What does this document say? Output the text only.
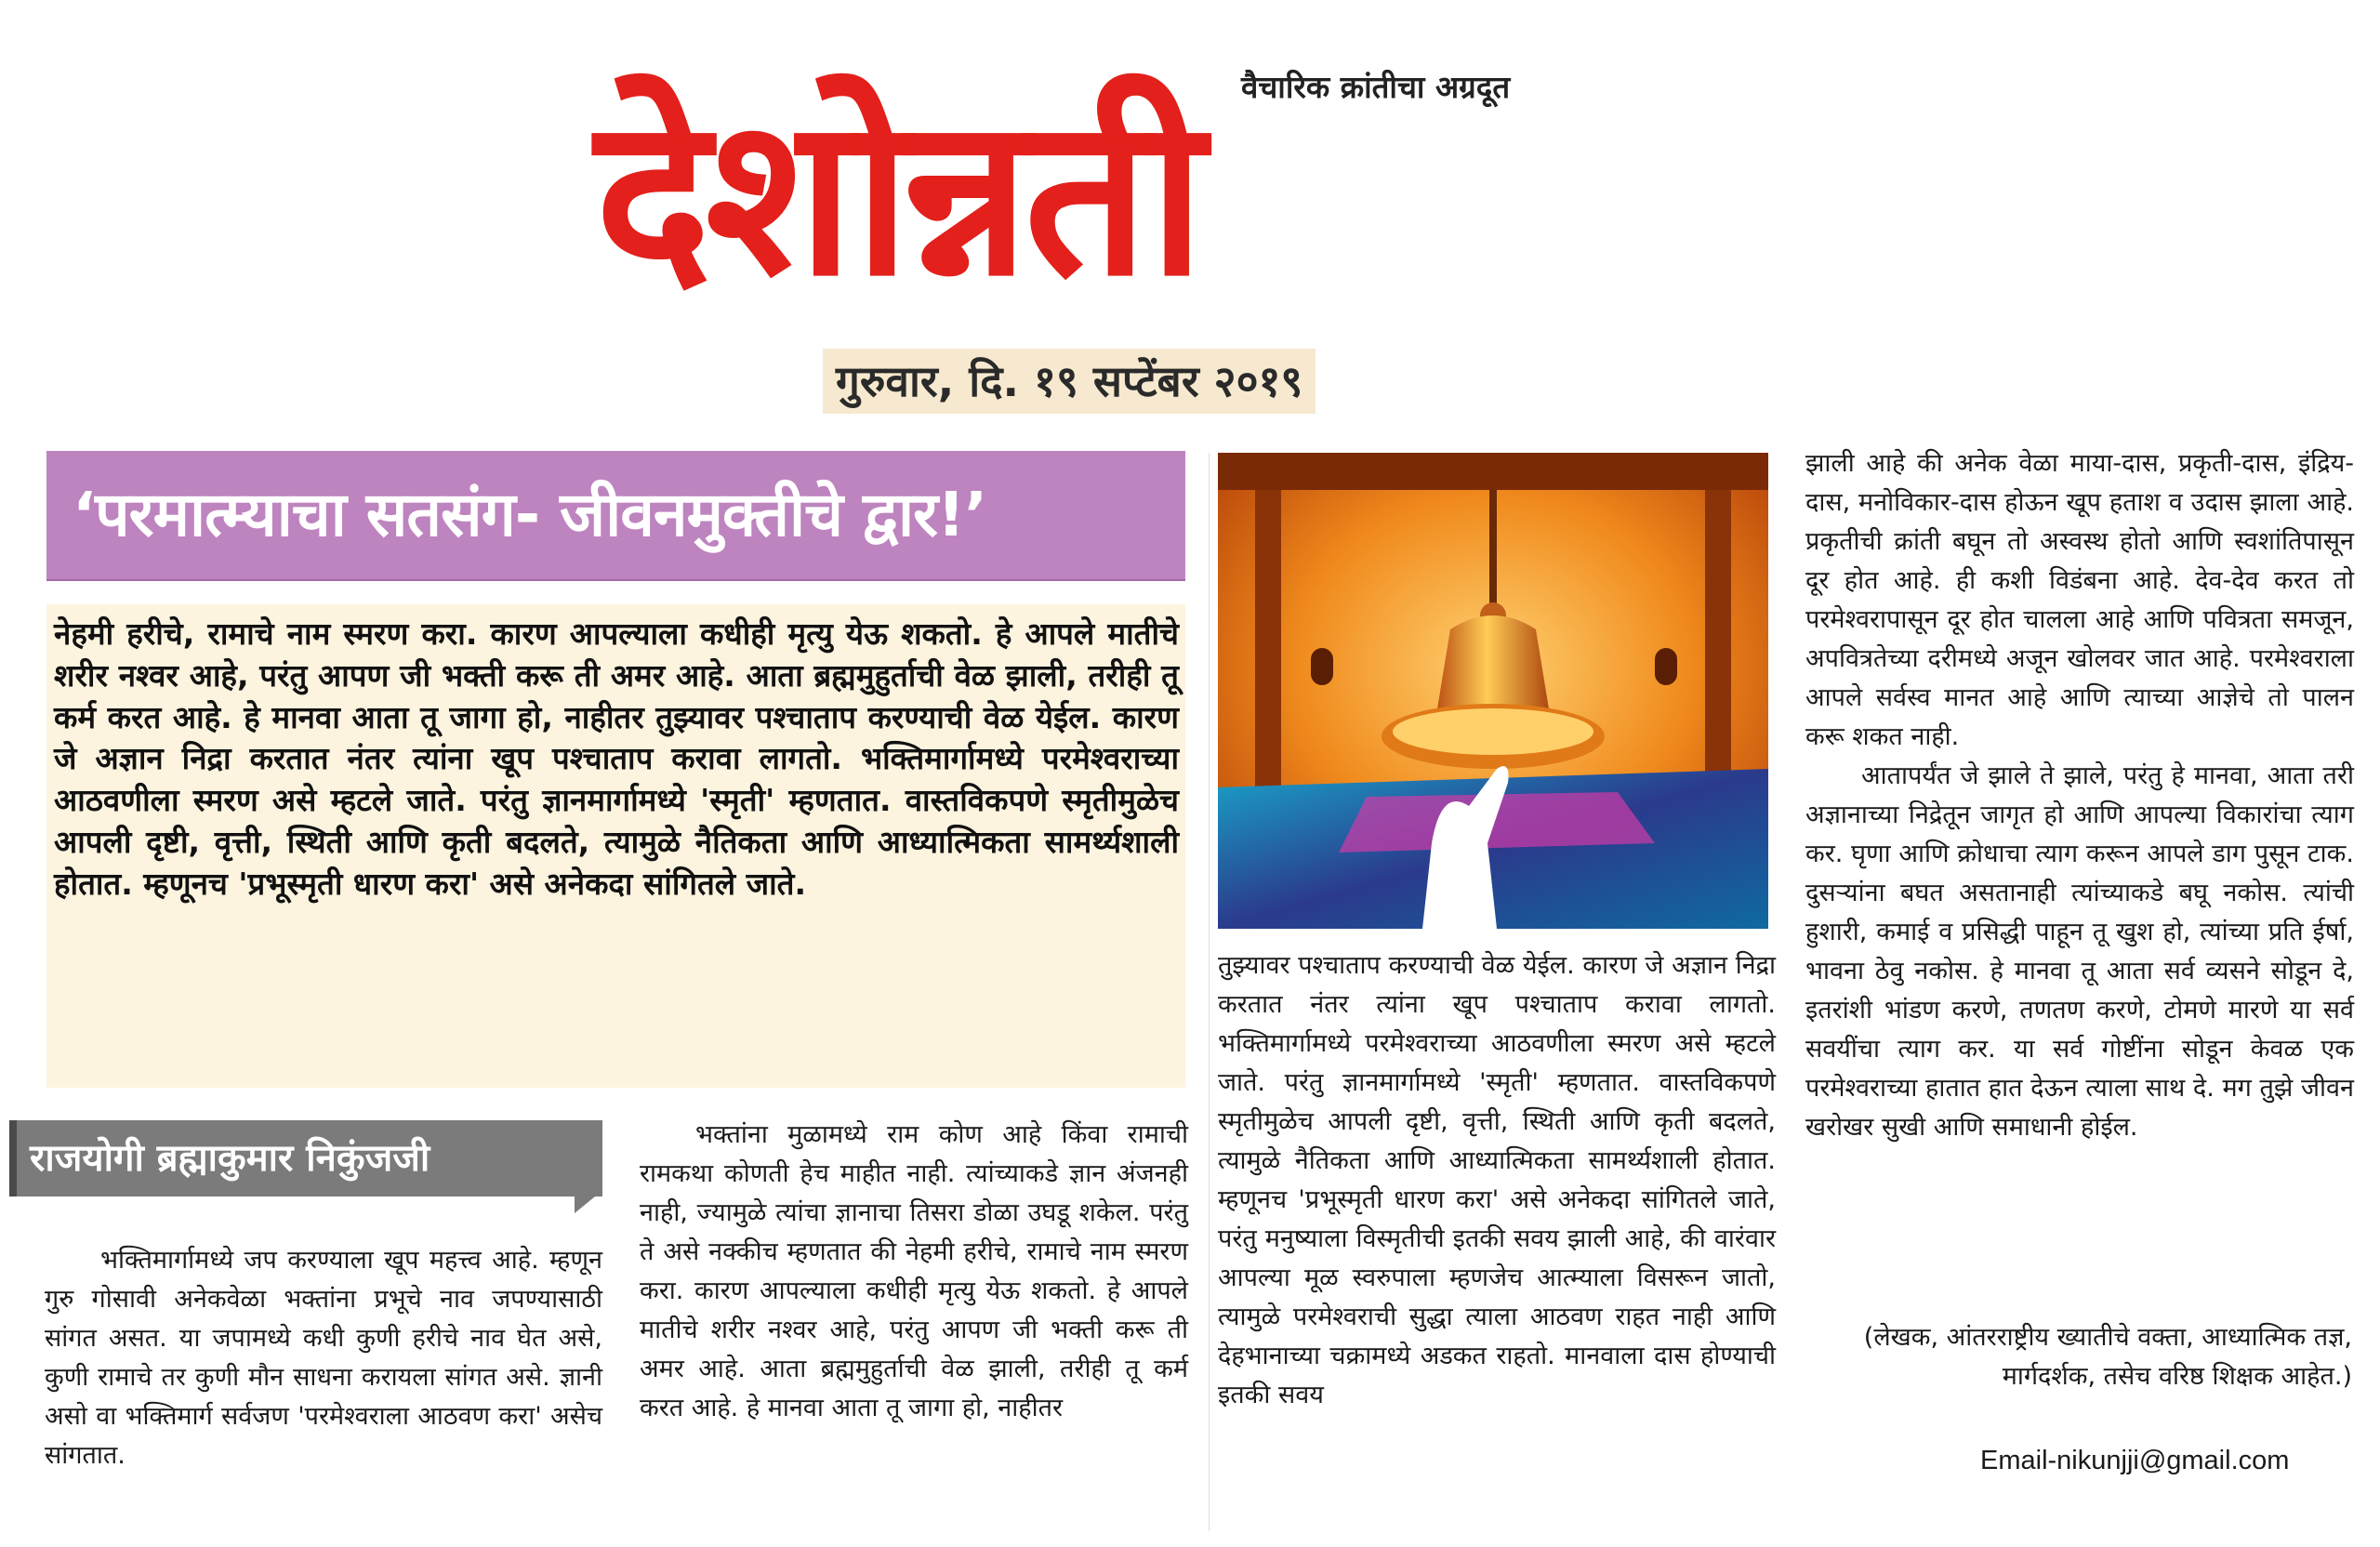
वैचारिक क्रांतीचा अग्रदूत
देशोन्नती
गुरुवार, दि. १९ सप्टेंबर २०१९
‘परमात्म्याचा सतसंग- जीवनमुक्तीचे द्वार!’
नेहमी हरीचे, रामाचे नाम स्मरण करा. कारण आपल्याला कधीही मृत्यु येऊ शकतो. हे आपले मातीचे शरीर नश्वर आहे, परंतु आपण जी भक्ती करू ती अमर आहे. आता ब्रह्ममुहुर्ताची वेळ झाली, तरीही तू कर्म करत आहे. हे मानवा आता तू जागा हो, नाहीतर तुझ्यावर पश्चाताप करण्याची वेळ येईल. कारण जे अज्ञान निद्रा करतात नंतर त्यांना खूप पश्चाताप करावा लागतो. भक्तिमार्गामध्ये परमेश्वराच्या आठवणीला स्मरण असे म्हटले जाते. परंतु ज्ञानमार्गामध्ये 'स्मृती' म्हणतात. वास्तविकपणे स्मृतीमुळेच आपली दृष्टी, वृत्ती, स्थिती आणि कृती बदलते, त्यामुळे नैतिकता आणि आध्यात्मिकता सामर्थ्यशाली होतात. म्हणूनच 'प्रभूस्मृती धारण करा' असे अनेकदा सांगितले जाते.
राजयोगी ब्रह्माकुमार निकुंजजी

भक्तिमार्गामध्ये जप करण्याला खूप महत्त्व आहे. म्हणून गुरु गोसावी अनेकवेळा भक्तांना प्रभूचे नाव जपण्यासाठी सांगत असत. या जपामध्ये कधी कुणी हरीचे नाव घेत असे, कुणी रामाचे तर कुणी मौन साधना करायला सांगत असे. ज्ञानी असो वा भक्तिमार्ग सर्वजण 'परमेश्वराला आठवण करा' असेच सांगतात.

भक्तांना मुळामध्ये राम कोण आहे किंवा रामाची रामकथा कोणती हेच माहीत नाही. त्यांच्याकडे ज्ञान अंजनही नाही, ज्यामुळे त्यांचा ज्ञानाचा तिसरा डोळा उघडू शकेल. परंतु ते असे नक्कीच म्हणतात की नेहमी हरीचे, रामाचे नाम स्मरण करा. कारण आपल्याला कधीही मृत्यु येऊ शकतो. हे आपले मातीचे शरीर नश्वर आहे, परंतु आपण जी भक्ती करू ती अमर आहे. आता ब्रह्ममुहुर्ताची वेळ झाली, तरीही तू कर्म करत आहे. हे मानवा आता तू जागा हो, नाहीतर

तुझ्यावर पश्चाताप करण्याची वेळ येईल. कारण जे अज्ञान निद्रा करतात नंतर त्यांना खूप पश्चाताप करावा लागतो. भक्तिमार्गामध्ये परमेश्वराच्या आठवणीला स्मरण असे म्हटले जाते. परंतु ज्ञानमार्गामध्ये 'स्मृती' म्हणतात. वास्तविकपणे स्मृतीमुळेच आपली दृष्टी, वृत्ती, स्थिती आणि कृती बदलते, त्यामुळे नैतिकता आणि आध्यात्मिकता सामर्थ्यशाली होतात. म्हणूनच 'प्रभूस्मृती धारण करा' असे अनेकदा सांगितले जाते, परंतु मनुष्याला विस्मृतीची इतकी सवय झाली आहे, की वारंवार आपल्या मूळ स्वरुपाला म्हणजेच आत्म्याला विसरून जातो, त्यामुळे परमेश्वराची सुद्धा त्याला आठवण राहत नाही आणि देहभानाच्या चक्रामध्ये अडकत राहतो. मानवाला दास होण्याची इतकी सवय

झाली आहे की अनेक वेळा माया-दास, प्रकृती-दास, इंद्रिय-दास, मनोविकार-दास होऊन खूप हताश व उदास झाला आहे. प्रकृतीची क्रांती बघून तो अस्वस्थ होतो आणि स्वशांतिपासून दूर होत आहे. ही कशी विडंबना आहे. देव-देव करत तो परमेश्वरापासून दूर होत चालला आहे आणि पवित्रता समजून, अपवित्रतेच्या दरीमध्ये अजून खोलवर जात आहे. परमेश्वराला आपले सर्वस्व मानत आहे आणि त्याच्या आज्ञेचे तो पालन करू शकत नाही.

आतापर्यंत जे झाले ते झाले, परंतु हे मानवा, आता तरी अज्ञानाच्या निद्रेतून जागृत हो आणि आपल्या विकारांचा त्याग कर. घृणा आणि क्रोधाचा त्याग करून आपले डाग पुसून टाक. दुसऱ्यांना बघत असतानाही त्यांच्याकडे बघू नकोस. त्यांची हुशारी, कमाई व प्रसिद्धी पाहून तू खुश हो, त्यांच्या प्रति ईर्षा, भावना ठेवु नकोस. हे मानवा तू आता सर्व व्यसने सोडून दे, इतरांशी भांडण करणे, तणतण करणे, टोमणे मारणे या सर्व सवयींचा त्याग कर. या सर्व गोष्टींना सोडून केवळ एक परमेश्वराच्या हातात हात देऊन त्याला साथ दे. मग तुझे जीवन खरोखर सुखी आणि समाधानी होईल.

(लेखक, आंतरराष्ट्रीय ख्यातीचे वक्ता, आध्यात्मिक तज्ञ, मार्गदर्शक, तसेच वरिष्ठ शिक्षक आहेत.)
Email-nikunjji@gmail.com
